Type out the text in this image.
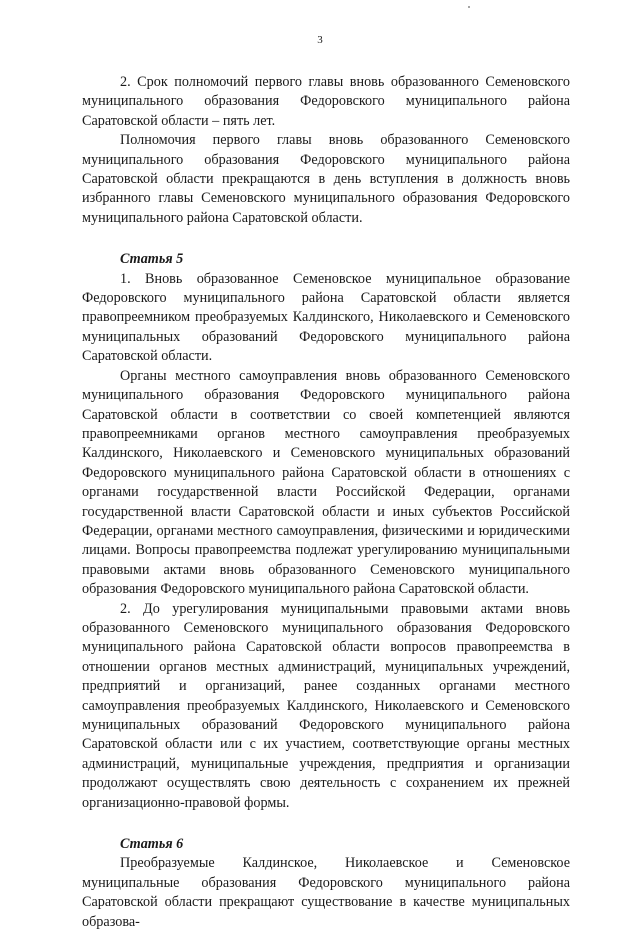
3

2. Срок полномочий первого главы вновь образованного Семеновского муниципального образования Федоровского муниципального района Саратовской области – пять лет.

Полномочия первого главы вновь образованного Семеновского муниципального образования Федоровского муниципального района Саратовской области прекращаются в день вступления в должность вновь избранного главы Семеновского муниципального образования Федоровского муниципального района Саратовской области.

Статья 5

1. Вновь образованное Семеновское муниципальное образование Федоровского муниципального района Саратовской области является правопреемником преобразуемых Калдинского, Николаевского и Семеновского муниципальных образований Федоровского муниципального района Саратовской области.

Органы местного самоуправления вновь образованного Семеновского муниципального образования Федоровского муниципального района Саратовской области в соответствии со своей компетенцией являются правопреемниками органов местного самоуправления преобразуемых Калдинского, Николаевского и Семеновского муниципальных образований Федоровского муниципального района Саратовской области в отношениях с органами государственной власти Российской Федерации, органами государственной власти Саратовской области и иных субъектов Российской Федерации, органами местного самоуправления, физическими и юридическими лицами. Вопросы правопреемства подлежат урегулированию муниципальными правовыми актами вновь образованного Семеновского муниципального образования Федоровского муниципального района Саратовской области.

2. До урегулирования муниципальными правовыми актами вновь образованного Семеновского муниципального образования Федоровского муниципального района Саратовской области вопросов правопреемства в отношении органов местных администраций, муниципальных учреждений, предприятий и организаций, ранее созданных органами местного самоуправления преобразуемых Калдинского, Николаевского и Семеновского муниципальных образований Федоровского муниципального района Саратовской области или с их участием, соответствующие органы местных администраций, муниципальные учреждения, предприятия и организации продолжают осуществлять свою деятельность с сохранением их прежней организационно-правовой формы.

Статья 6

Преобразуемые Калдинское, Николаевское и Семеновское муниципальные образования Федоровского муниципального района Саратовской области прекращают существование в качестве муниципальных образова-
